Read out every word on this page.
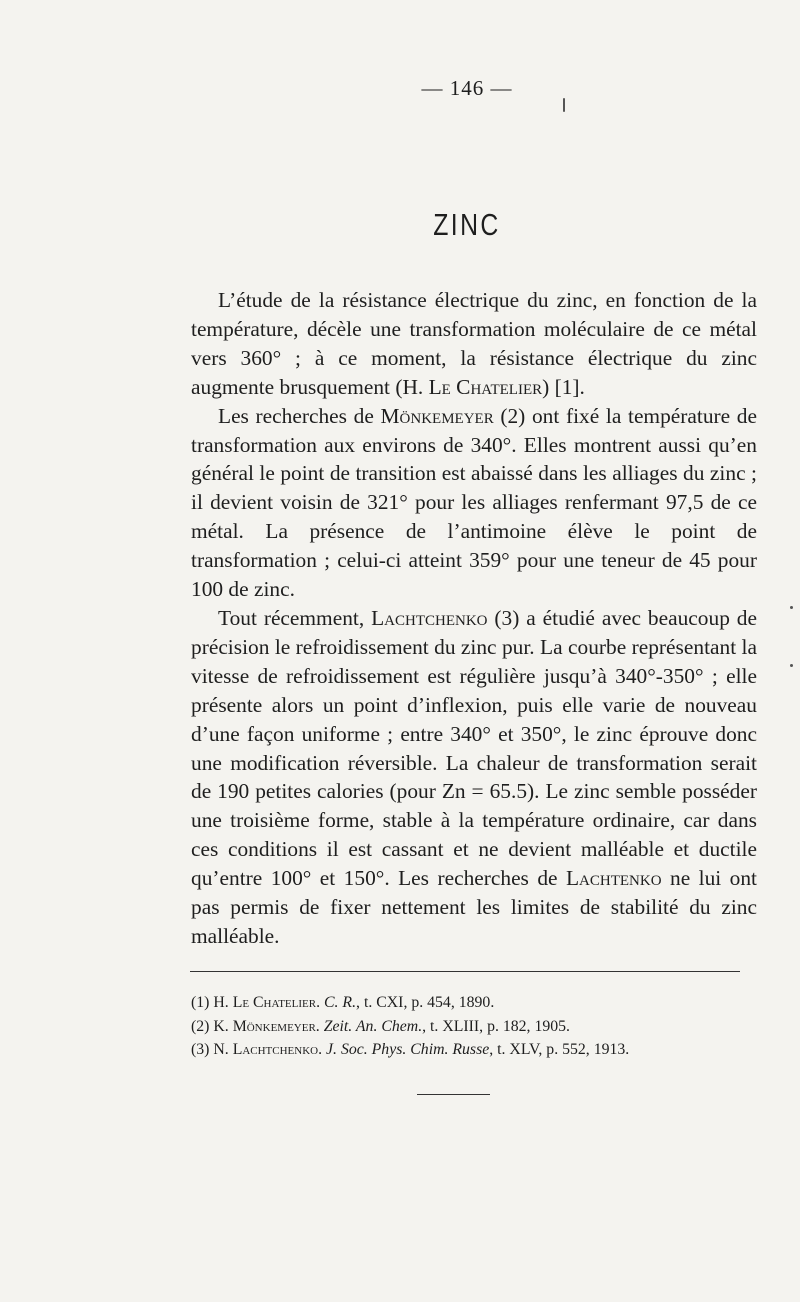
— 146 —
ZINC

L’étude de la résistance électrique du zinc, en fonction de la température, décèle une transformation moléculaire de ce métal vers 360° ; à ce moment, la résistance électrique du zinc augmente brusquement (H. Le Chatelier) [1].

Les recherches de Mönkemeyer (2) ont fixé la température de transformation aux environs de 340°. Elles montrent aussi qu’en général le point de transition est abaissé dans les alliages du zinc ; il devient voisin de 321° pour les alliages renfermant 97,5 de ce métal. La présence de l’antimoine élève le point de transformation ; celui-ci atteint 359° pour une teneur de 45 pour 100 de zinc.

Tout récemment, Lachtchenko (3) a étudié avec beaucoup de précision le refroidissement du zinc pur. La courbe représentant la vitesse de refroidissement est régulière jusqu’à 340°-350° ; elle présente alors un point d’inflexion, puis elle varie de nouveau d’une façon uniforme ; entre 340° et 350°, le zinc éprouve donc une modification réversible. La chaleur de transformation serait de 190 petites calories (pour Zn = 65.5). Le zinc semble posséder une troisième forme, stable à la température ordinaire, car dans ces conditions il est cassant et ne devient malléable et ductile qu’entre 100° et 150°. Les recherches de Lachtenko ne lui ont pas permis de fixer nettement les limites de stabilité du zinc malléable.

(1) H. Le Chatelier. C. R., t. CXI, p. 454, 1890.
(2) K. Mönkemeyer. Zeit. An. Chem., t. XLIII, p. 182, 1905.
(3) N. Lachtchenko. J. Soc. Phys. Chim. Russe, t. XLV, p. 552, 1913.
